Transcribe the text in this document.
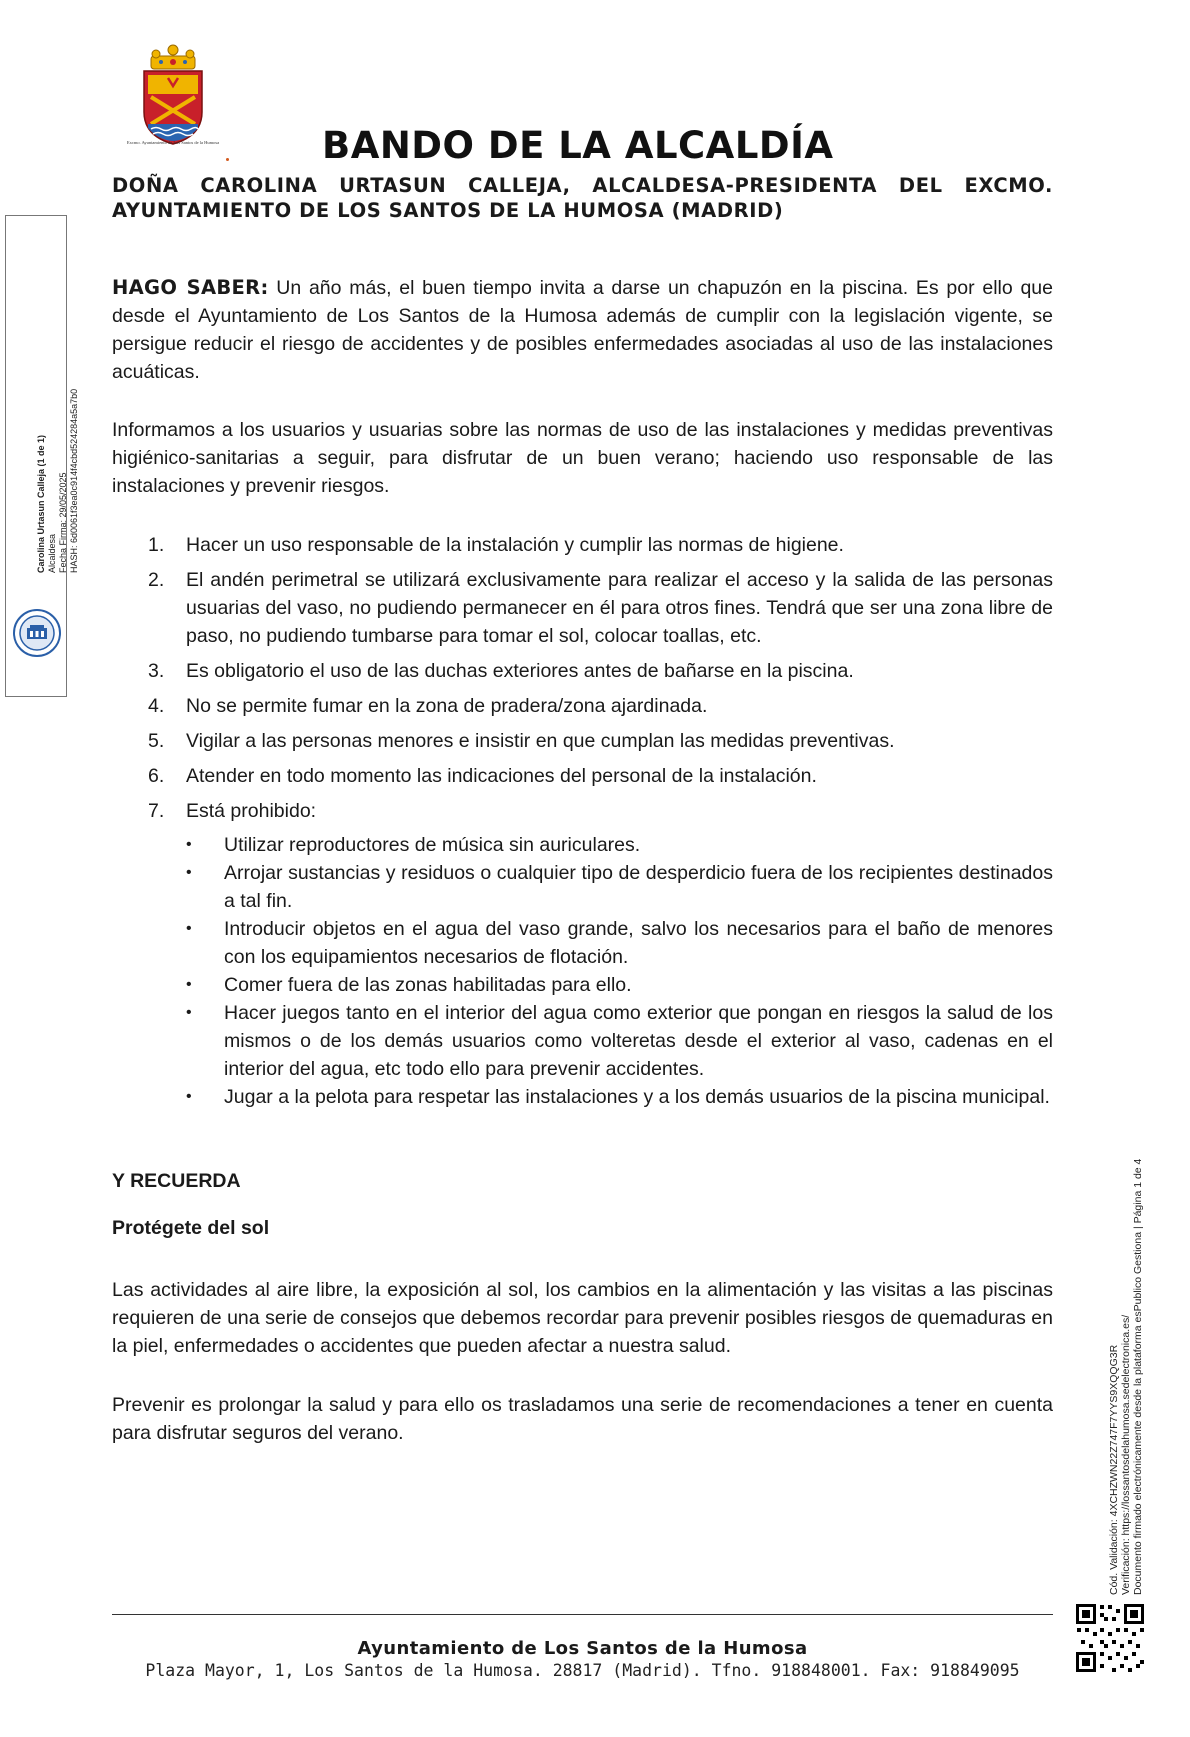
Excmo. Ayuntamiento de Los Santos de la Humosa	BANDO DE LA ALCALDÍA
DOÑA CAROLINA URTASUN CALLEJA, ALCALDESA-PRESIDENTA DEL EXCMO.
AYUNTAMIENTO DE LOS SANTOS DE LA HUMOSA (MADRID)

HAGO SABER: Un año más, el buen tiempo invita a darse un chapuzón en la piscina. Es por ello que desde el Ayuntamiento de Los Santos de la Humosa además de cumplir con la legislación vigente, se persigue reducir el riesgo de accidentes y de posibles enfermedades asociadas al uso de las instalaciones acuáticas.

Informamos a los usuarios y usuarias sobre las normas de uso de las instalaciones y medidas preventivas higiénico-sanitarias a seguir, para disfrutar de un buen verano; haciendo uso responsable de las instalaciones y prevenir riesgos.

1. Hacer un uso responsable de la instalación y cumplir las normas de higiene.
2. El andén perimetral se utilizará exclusivamente para realizar el acceso y la salida de las personas usuarias del vaso, no pudiendo permanecer en él para otros fines. Tendrá que ser una zona libre de paso, no pudiendo tumbarse para tomar el sol, colocar toallas, etc.
3. Es obligatorio el uso de las duchas exteriores antes de bañarse en la piscina.
4. No se permite fumar en la zona de pradera/zona ajardinada.
5. Vigilar a las personas menores e insistir en que cumplan las medidas preventivas.
6. Atender en todo momento las indicaciones del personal de la instalación.
7. Está prohibido:
• Utilizar reproductores de música sin auriculares.
• Arrojar sustancias y residuos o cualquier tipo de desperdicio fuera de los recipientes destinados a tal fin.
• Introducir objetos en el agua del vaso grande, salvo los necesarios para el baño de menores con los equipamientos necesarios de flotación.
• Comer fuera de las zonas habilitadas para ello.
• Hacer juegos tanto en el interior del agua como exterior que pongan en riesgos la salud de los mismos o de los demás usuarios como volteretas desde el exterior al vaso, cadenas en el interior del agua, etc todo ello para prevenir accidentes.
• Jugar a la pelota para respetar las instalaciones y a los demás usuarios de la piscina municipal.
Y RECUERDA
Protégete del sol

Las actividades al aire libre, la exposición al sol, los cambios en la alimentación y las visitas a las piscinas requieren de una serie de consejos que debemos recordar para prevenir posibles riesgos de quemaduras en la piel, enfermedades o accidentes que pueden afectar a nuestra salud.

Prevenir es prolongar la salud y para ello os trasladamos una serie de recomendaciones a tener en cuenta para disfrutar seguros del verano.

Ayuntamiento de Los Santos de la Humosa

Plaza Mayor, 1, Los Santos de la Humosa. 28817 (Madrid). Tfno. 918848001. Fax: 918849095

Carolina Urtasun Calleja (1 de 1) Alcaldesa Fecha Firma: 29/05/2025 HASH: 6d0061f3ea0c914f4cbd524284a5a7b0
Cód. Validación: 4XCHZWN22Z747F7YYS9XQQG3R Verificación: https://lossantosdelahumosa.sedelectronica.es/ Documento firmado electrónicamente desde la plataforma esPublico Gestiona | Página 1 de 4
